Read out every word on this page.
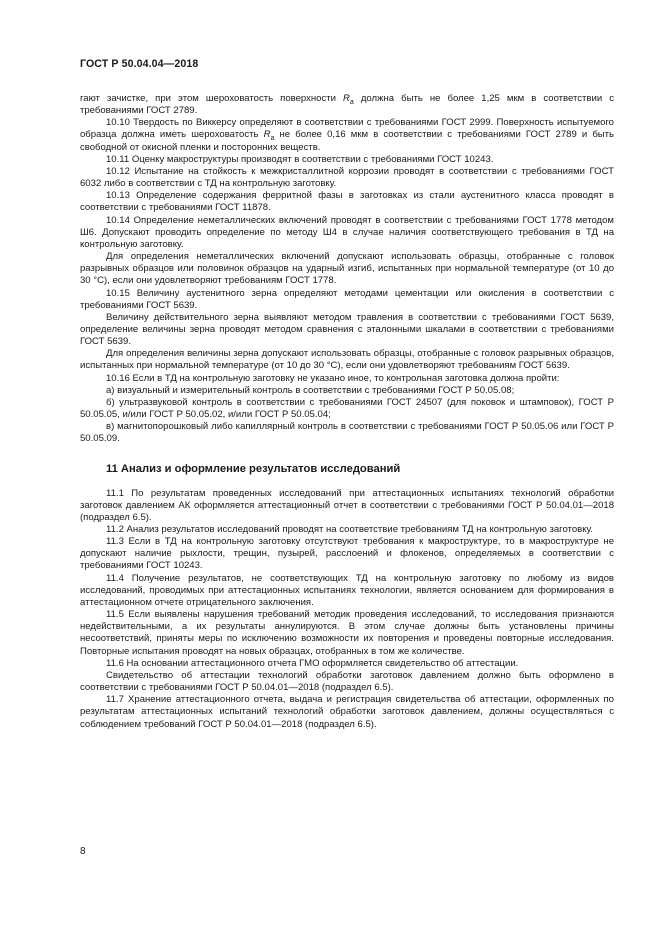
ГОСТ Р 50.04.04—2018

гают зачистке, при этом шероховатость поверхности $R_a$ должна быть не более 1,25 мкм в соответствии с требованиями ГОСТ 2789.

10.10 Твердость по Виккерсу определяют в соответствии с требованиями ГОСТ 2999. Поверхность испытуемого образца должна иметь шероховатость $R_a$ не более 0,16 мкм в соответствии с требованиями ГОСТ 2789 и быть свободной от окисной пленки и посторонних веществ.

10.11 Оценку макроструктуры производят в соответствии с требованиями ГОСТ 10243.

10.12 Испытание на стойкость к межкристаллитной коррозии проводят в соответствии с требованиями ГОСТ 6032 либо в соответствии с ТД на контрольную заготовку.

10.13 Определение содержания ферритной фазы в заготовках из стали аустенитного класса проводят в соответствии с требованиями ГОСТ 11878.

10.14 Определение неметаллических включений проводят в соответствии с требованиями ГОСТ 1778 методом Ш6. Допускают проводить определение по методу Ш4 в случае наличия соответствующего требования в ТД на контрольную заготовку.

Для определения неметаллических включений допускают использовать образцы, отобранные с головок разрывных образцов или половинок образцов на ударный изгиб, испытанных при нормальной температуре (от 10 до 30 °С), если они удовлетворяют требованиям ГОСТ 1778.

10.15 Величину аустенитного зерна определяют методами цементации или окисления в соответствии с требованиями ГОСТ 5639.

Величину действительного зерна выявляют методом травления в соответствии с требованиями ГОСТ 5639, определение величины зерна проводят методом сравнения с эталонными шкалами в соответствии с требованиями ГОСТ 5639.

Для определения величины зерна допускают использовать образцы, отобранные с головок разрывных образцов, испытанных при нормальной температуре (от 10 до 30 °С), если они удовлетворяют требованиям ГОСТ 5639.

10.16 Если в ТД на контрольную заготовку не указано иное, то контрольная заготовка должна пройти:

а) визуальный и измерительный контроль в соответствии с требованиями ГОСТ Р 50.05.08;

б) ультразвуковой контроль в соответствии с требованиями ГОСТ 24507 (для поковок и штамповок), ГОСТ Р 50.05.05, и/или ГОСТ Р 50.05.02, и/или ГОСТ Р 50.05.04;

в) магнитопорошковый либо капиллярный контроль в соответствии с требованиями ГОСТ Р 50.05.06 или ГОСТ Р 50.05.09.

11 Анализ и оформление результатов исследований

11.1 По результатам проведенных исследований при аттестационных испытаниях технологий обработки заготовок давлением АК оформляется аттестационный отчет в соответствии с требованиями ГОСТ Р 50.04.01—2018 (подраздел 6.5).

11.2 Анализ результатов исследований проводят на соответствие требованиям ТД на контрольную заготовку.

11.3 Если в ТД на контрольную заготовку отсутствуют требования к макроструктуре, то в макроструктуре не допускают наличие рыхлости, трещин, пузырей, расслоений и флокенов, определяемых в соответствии с требованиями ГОСТ 10243.

11.4 Получение результатов, не соответствующих ТД на контрольную заготовку по любому из видов исследований, проводимых при аттестационных испытаниях технологии, является основанием для формирования в аттестационном отчете отрицательного заключения.

11.5 Если выявлены нарушения требований методик проведения исследований, то исследования признаются недействительными, а их результаты аннулируются. В этом случае должны быть установлены причины несоответствий, приняты меры по исключению возможности их повторения и проведены повторные исследования. Повторные испытания проводят на новых образцах, отобранных в том же количестве.

11.6 На основании аттестационного отчета ГМО оформляется свидетельство об аттестации.

Свидетельство об аттестации технологий обработки заготовок давлением должно быть оформлено в соответствии с требованиями ГОСТ Р 50.04.01—2018 (подраздел 6.5).

11.7 Хранение аттестационного отчета, выдача и регистрация свидетельства об аттестации, оформленных по результатам аттестационных испытаний технологий обработки заготовок давлением, должны осуществляться с соблюдением требований ГОСТ Р 50.04.01—2018 (подраздел 6.5).

8
